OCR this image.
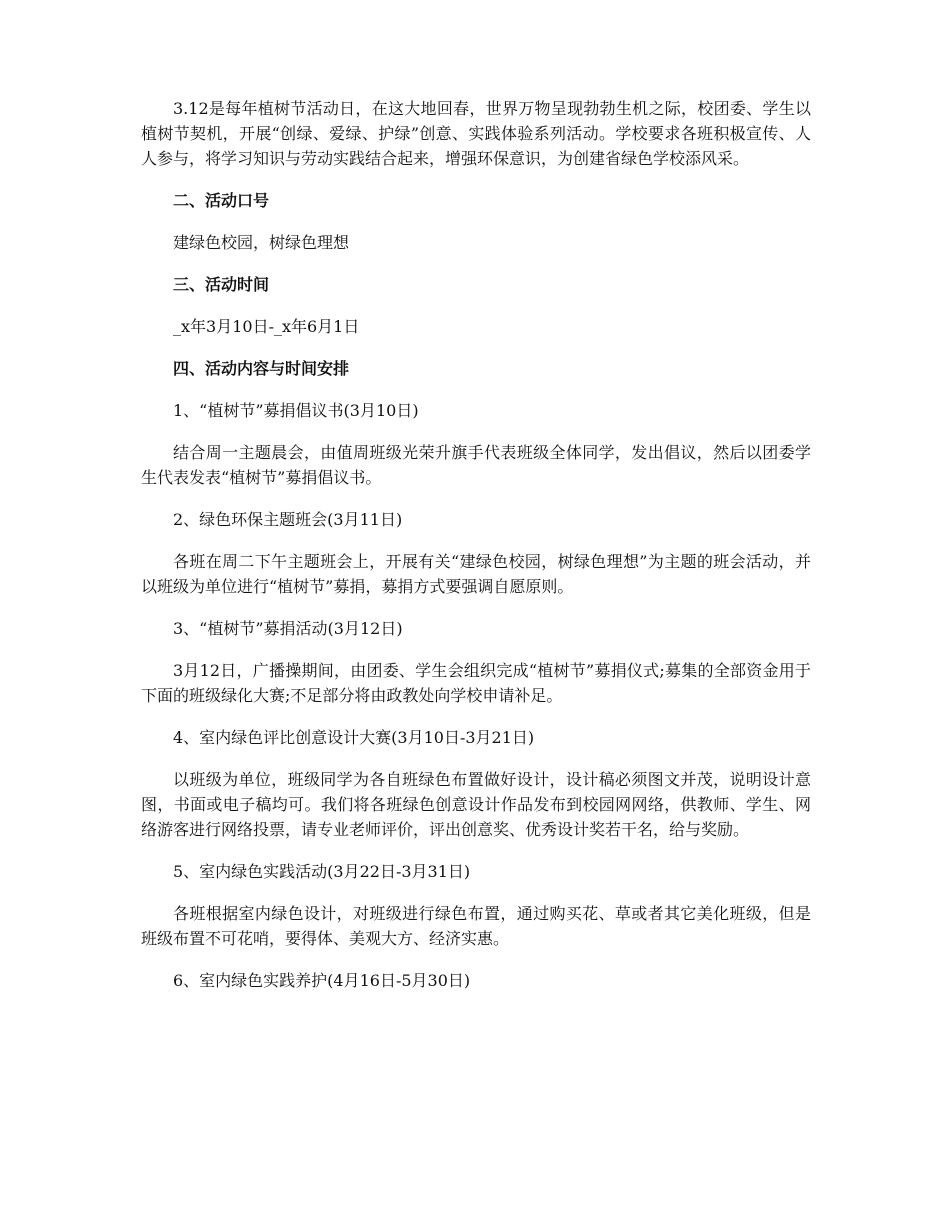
3.12是每年植树节活动日，在这大地回春，世界万物呈现勃勃生机之际，校团委、学生以植树节契机，开展“创绿、爱绿、护绿”创意、实践体验系列活动。学校要求各班积极宣传、人人参与，将学习知识与劳动实践结合起来，增强环保意识，为创建省绿色学校添风采。

二、活动口号

建绿色校园，树绿色理想

三、活动时间

_x年3月10日-_x年6月1日

四、活动内容与时间安排

1、“植树节”募捐倡议书(3月10日)

结合周一主题晨会，由值周班级光荣升旗手代表班级全体同学，发出倡议，然后以团委学生代表发表“植树节”募捐倡议书。

2、绿色环保主题班会(3月11日)

各班在周二下午主题班会上，开展有关“建绿色校园，树绿色理想”为主题的班会活动，并以班级为单位进行“植树节”募捐，募捐方式要强调自愿原则。

3、“植树节”募捐活动(3月12日)

3月12日，广播操期间，由团委、学生会组织完成“植树节”募捐仪式;募集的全部资金用于下面的班级绿化大赛;不足部分将由政教处向学校申请补足。

4、室内绿色评比创意设计大赛(3月10日-3月21日)

以班级为单位，班级同学为各自班绿色布置做好设计，设计稿必须图文并茂，说明设计意图，书面或电子稿均可。我们将各班绿色创意设计作品发布到校园网网络，供教师、学生、网络游客进行网络投票，请专业老师评价，评出创意奖、优秀设计奖若干名，给与奖励。

5、室内绿色实践活动(3月22日-3月31日)

各班根据室内绿色设计，对班级进行绿色布置，通过购买花、草或者其它美化班级，但是班级布置不可花哨，要得体、美观大方、经济实惠。

6、室内绿色实践养护(4月16日-5月30日)
